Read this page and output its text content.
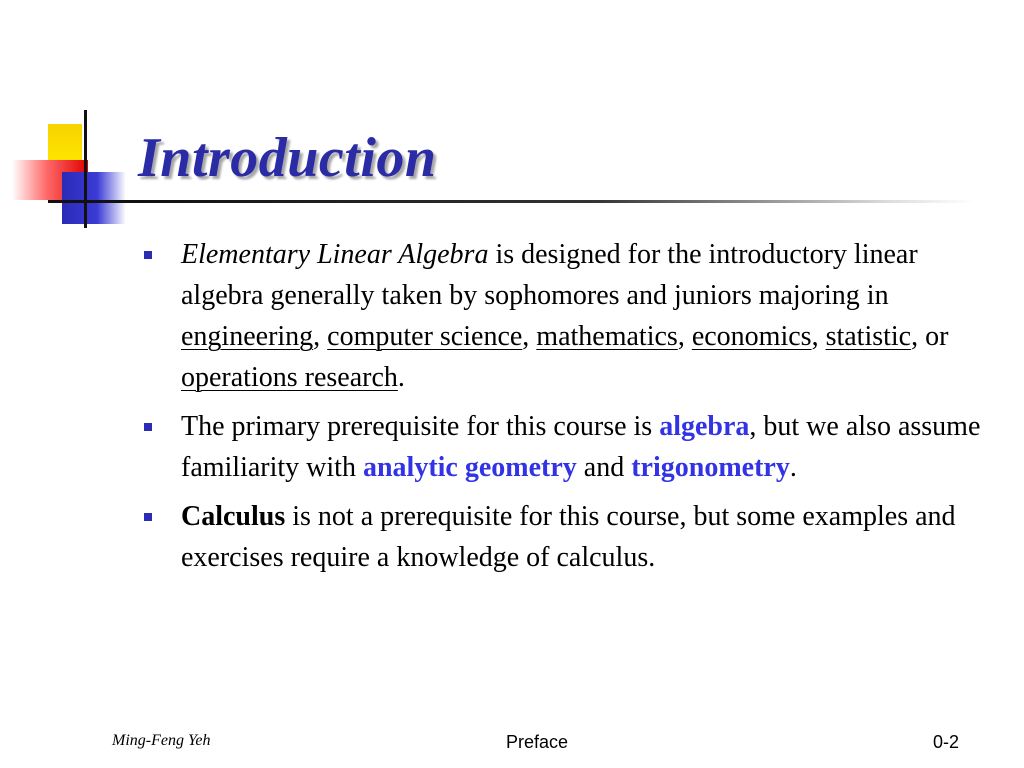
Introduction
Elementary Linear Algebra is designed for the introductory linear algebra generally taken by sophomores and juniors majoring in engineering, computer science, mathematics, economics, statistic, or operations research.
The primary prerequisite for this course is algebra, but we also assume familiarity with analytic geometry and trigonometry.
Calculus is not a prerequisite for this course, but some examples and exercises require a knowledge of calculus.
Ming-Feng Yeh	Preface	0-2
